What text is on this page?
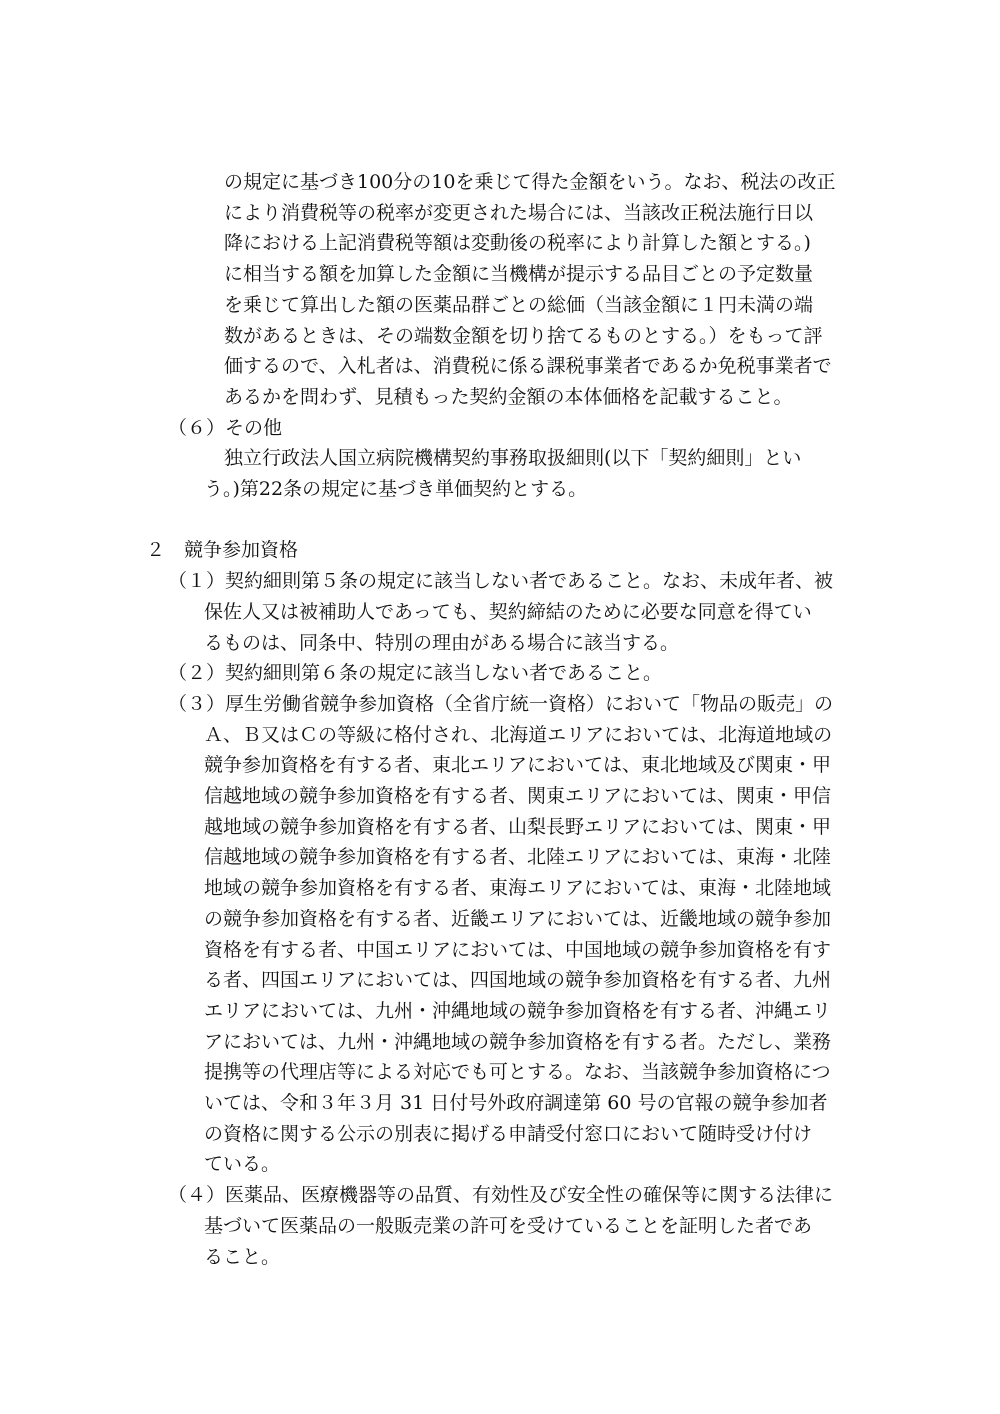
の規定に基づき100分の10を乗じて得た金額をいう。なお、税法の改正
により消費税等の税率が変更された場合には、当該改正税法施行日以
降における上記消費税等額は変動後の税率により計算した額とする。)
に相当する額を加算した金額に当機構が提示する品目ごとの予定数量
を乗じて算出した額の医薬品群ごとの総価（当該金額に１円未満の端
数があるときは、その端数金額を切り捨てるものとする。）をもって評
価するので、入札者は、消費税に係る課税事業者であるか免税事業者で
あるかを問わず、見積もった契約金額の本体価格を記載すること。
（６）その他
独立行政法人国立病院機構契約事務取扱細則(以下「契約細則」とい
う。)第22条の規定に基づき単価契約とする。
２　競争参加資格
（１）契約細則第５条の規定に該当しない者であること。なお、未成年者、被
保佐人又は被補助人であっても、契約締結のために必要な同意を得てい
るものは、同条中、特別の理由がある場合に該当する。
（２）契約細則第６条の規定に該当しない者であること。
（３）厚生労働省競争参加資格（全省庁統一資格）において「物品の販売」の
Ａ、Ｂ又はＣの等級に格付され、北海道エリアにおいては、北海道地域の
競争参加資格を有する者、東北エリアにおいては、東北地域及び関東・甲
信越地域の競争参加資格を有する者、関東エリアにおいては、関東・甲信
越地域の競争参加資格を有する者、山梨長野エリアにおいては、関東・甲
信越地域の競争参加資格を有する者、北陸エリアにおいては、東海・北陸
地域の競争参加資格を有する者、東海エリアにおいては、東海・北陸地域
の競争参加資格を有する者、近畿エリアにおいては、近畿地域の競争参加
資格を有する者、中国エリアにおいては、中国地域の競争参加資格を有す
る者、四国エリアにおいては、四国地域の競争参加資格を有する者、九州
エリアにおいては、九州・沖縄地域の競争参加資格を有する者、沖縄エリ
アにおいては、九州・沖縄地域の競争参加資格を有する者。ただし、業務
提携等の代理店等による対応でも可とする。なお、当該競争参加資格につ
いては、令和３年３月 31 日付号外政府調達第 60 号の官報の競争参加者
の資格に関する公示の別表に掲げる申請受付窓口において随時受け付け
ている。
（４）医薬品、医療機器等の品質、有効性及び安全性の確保等に関する法律に
基づいて医薬品の一般販売業の許可を受けていることを証明した者であ
ること。
